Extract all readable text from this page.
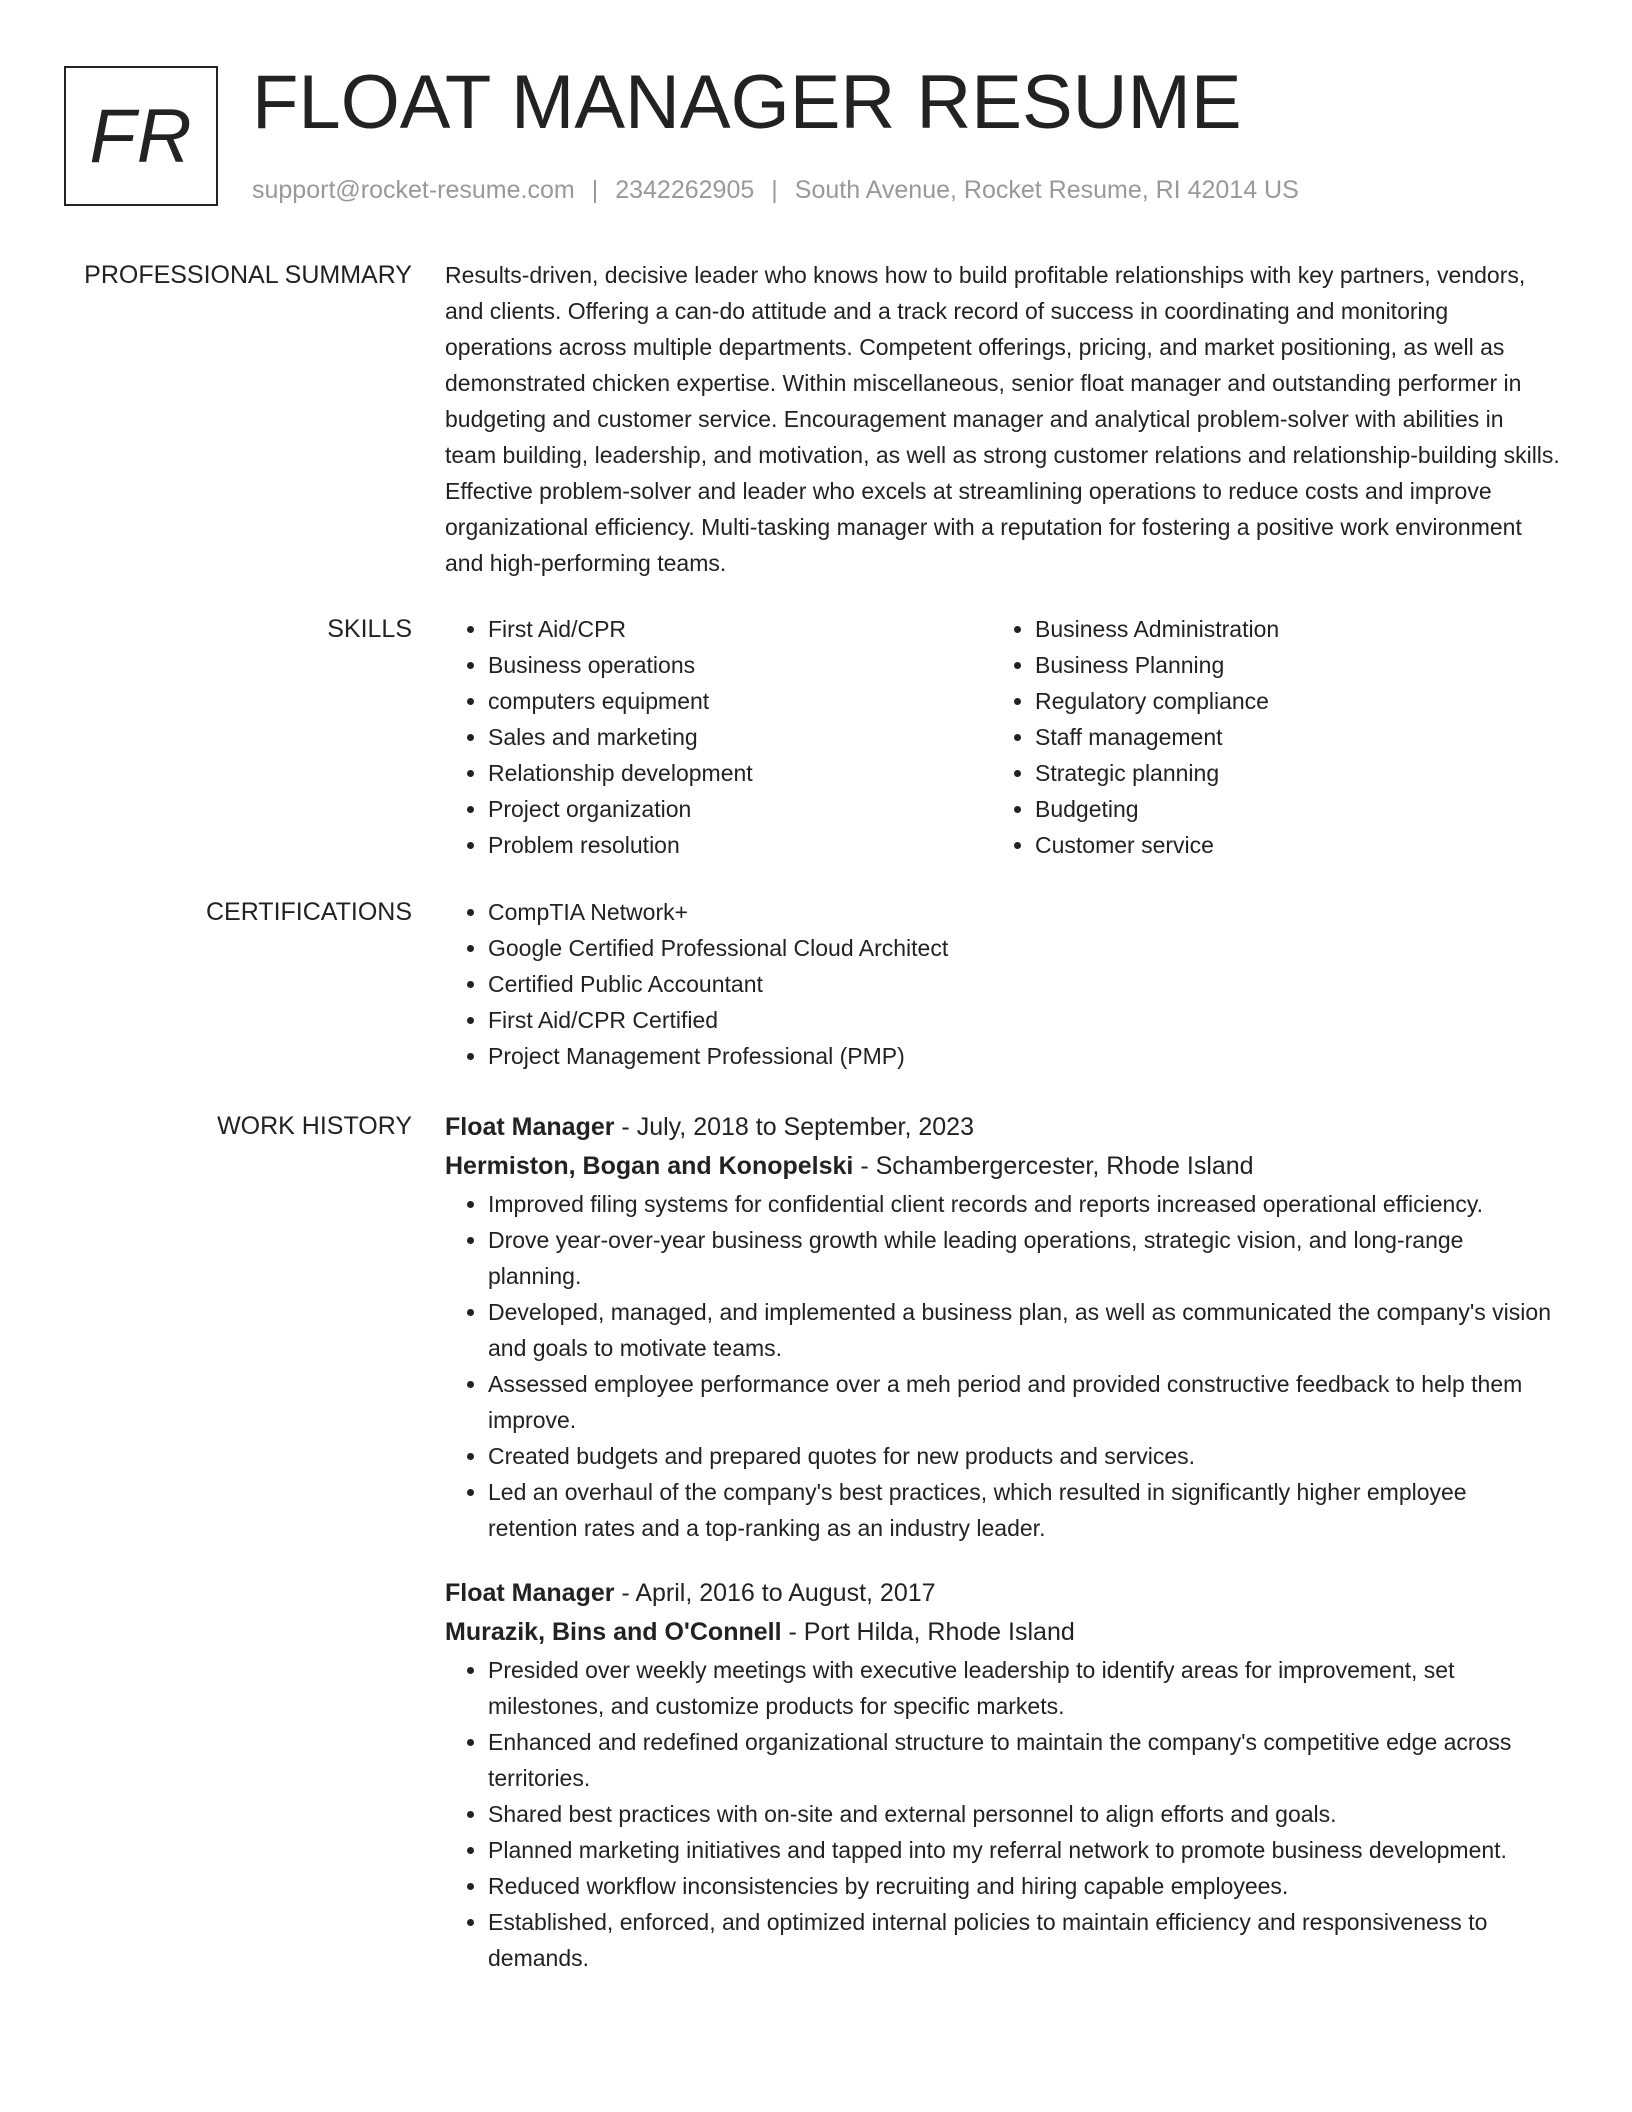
FR FLOAT MANAGER RESUME
support@rocket-resume.com | 2342262905 | South Avenue, Rocket Resume, RI 42014 US
PROFESSIONAL SUMMARY Results-driven, decisive leader who knows how to build profitable relationships with key partners, vendors, and clients. Offering a can-do attitude and a track record of success in coordinating and monitoring operations across multiple departments. Competent offerings, pricing, and market positioning, as well as demonstrated chicken expertise. Within miscellaneous, senior float manager and outstanding performer in budgeting and customer service. Encouragement manager and analytical problem-solver with abilities in team building, leadership, and motivation, as well as strong customer relations and relationship-building skills. Effective problem-solver and leader who excels at streamlining operations to reduce costs and improve organizational efficiency. Multi-tasking manager with a reputation for fostering a positive work environment and high-performing teams.

SKILLS	• First Aid/CPR
• Business operations
• computers equipment
• Sales and marketing
• Relationship development
• Project organization
• Problem resolution
• Business Administration
• Business Planning
• Regulatory compliance
• Staff management
• Strategic planning
• Budgeting
• Customer service
CERTIFICATIONS	• CompTIA Network+
• Google Certified Professional Cloud Architect
• Certified Public Accountant
• First Aid/CPR Certified
• Project Management Professional (PMP)
WORK HISTORY Float Manager - July, 2018 to September, 2023
Hermiston, Bogan and Konopelski - Schambergercester, Rhode Island
• Improved filing systems for confidential client records and reports increased operational efficiency.
• Drove year-over-year business growth while leading operations, strategic vision, and long-range planning.
• Developed, managed, and implemented a business plan, as well as communicated the company's vision and goals to motivate teams.
• Assessed employee performance over a meh period and provided constructive feedback to help them improve.
• Created budgets and prepared quotes for new products and services.
• Led an overhaul of the company's best practices, which resulted in significantly higher employee retention rates and a top-ranking as an industry leader.
Float Manager - April, 2016 to August, 2017
Murazik, Bins and O'Connell - Port Hilda, Rhode Island
• Presided over weekly meetings with executive leadership to identify areas for improvement, set milestones, and customize products for specific markets.
• Enhanced and redefined organizational structure to maintain the company's competitive edge across territories.
• Shared best practices with on-site and external personnel to align efforts and goals.
• Planned marketing initiatives and tapped into my referral network to promote business development.
• Reduced workflow inconsistencies by recruiting and hiring capable employees.
• Established, enforced, and optimized internal policies to maintain efficiency and responsiveness to demands.
